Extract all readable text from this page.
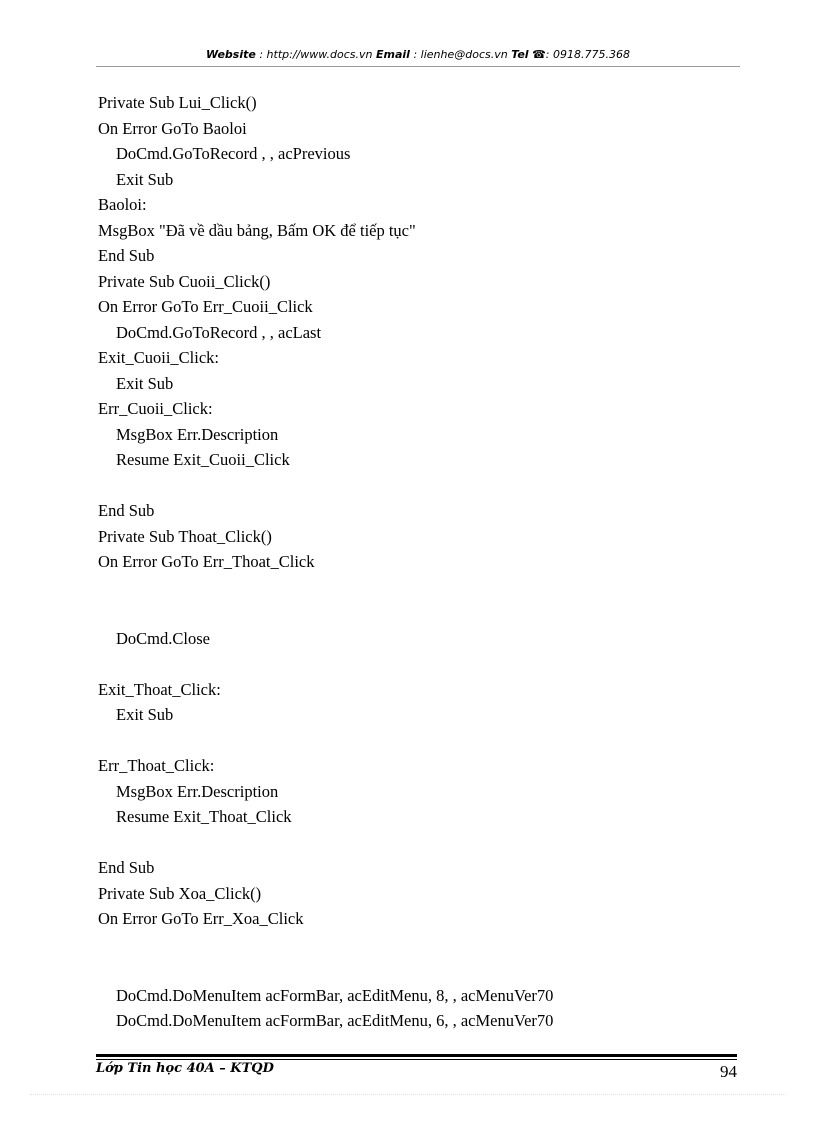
Website : http://www.docs.vn Email : lienhe@docs.vn Tel ☎: 0918.775.368
Private Sub Lui_Click()
On Error GoTo Baoloi
DoCmd.GoToRecord , , acPrevious
Exit Sub
Baoloi:
MsgBox "Đã về dầu bảng, Bấm OK để tiếp tục"
End Sub
Private Sub Cuoii_Click()
On Error GoTo Err_Cuoii_Click
DoCmd.GoToRecord , , acLast
Exit_Cuoii_Click:
Exit Sub
Err_Cuoii_Click:
MsgBox Err.Description
Resume Exit_Cuoii_Click
End Sub
Private Sub Thoat_Click()
On Error GoTo Err_Thoat_Click
DoCmd.Close
Exit_Thoat_Click:
Exit Sub
Err_Thoat_Click:
MsgBox Err.Description
Resume Exit_Thoat_Click
End Sub
Private Sub Xoa_Click()
On Error GoTo Err_Xoa_Click
DoCmd.DoMenuItem acFormBar, acEditMenu, 8, , acMenuVer70
DoCmd.DoMenuItem acFormBar, acEditMenu, 6, , acMenuVer70
Lớp Tin học 40A – KTQD	94
